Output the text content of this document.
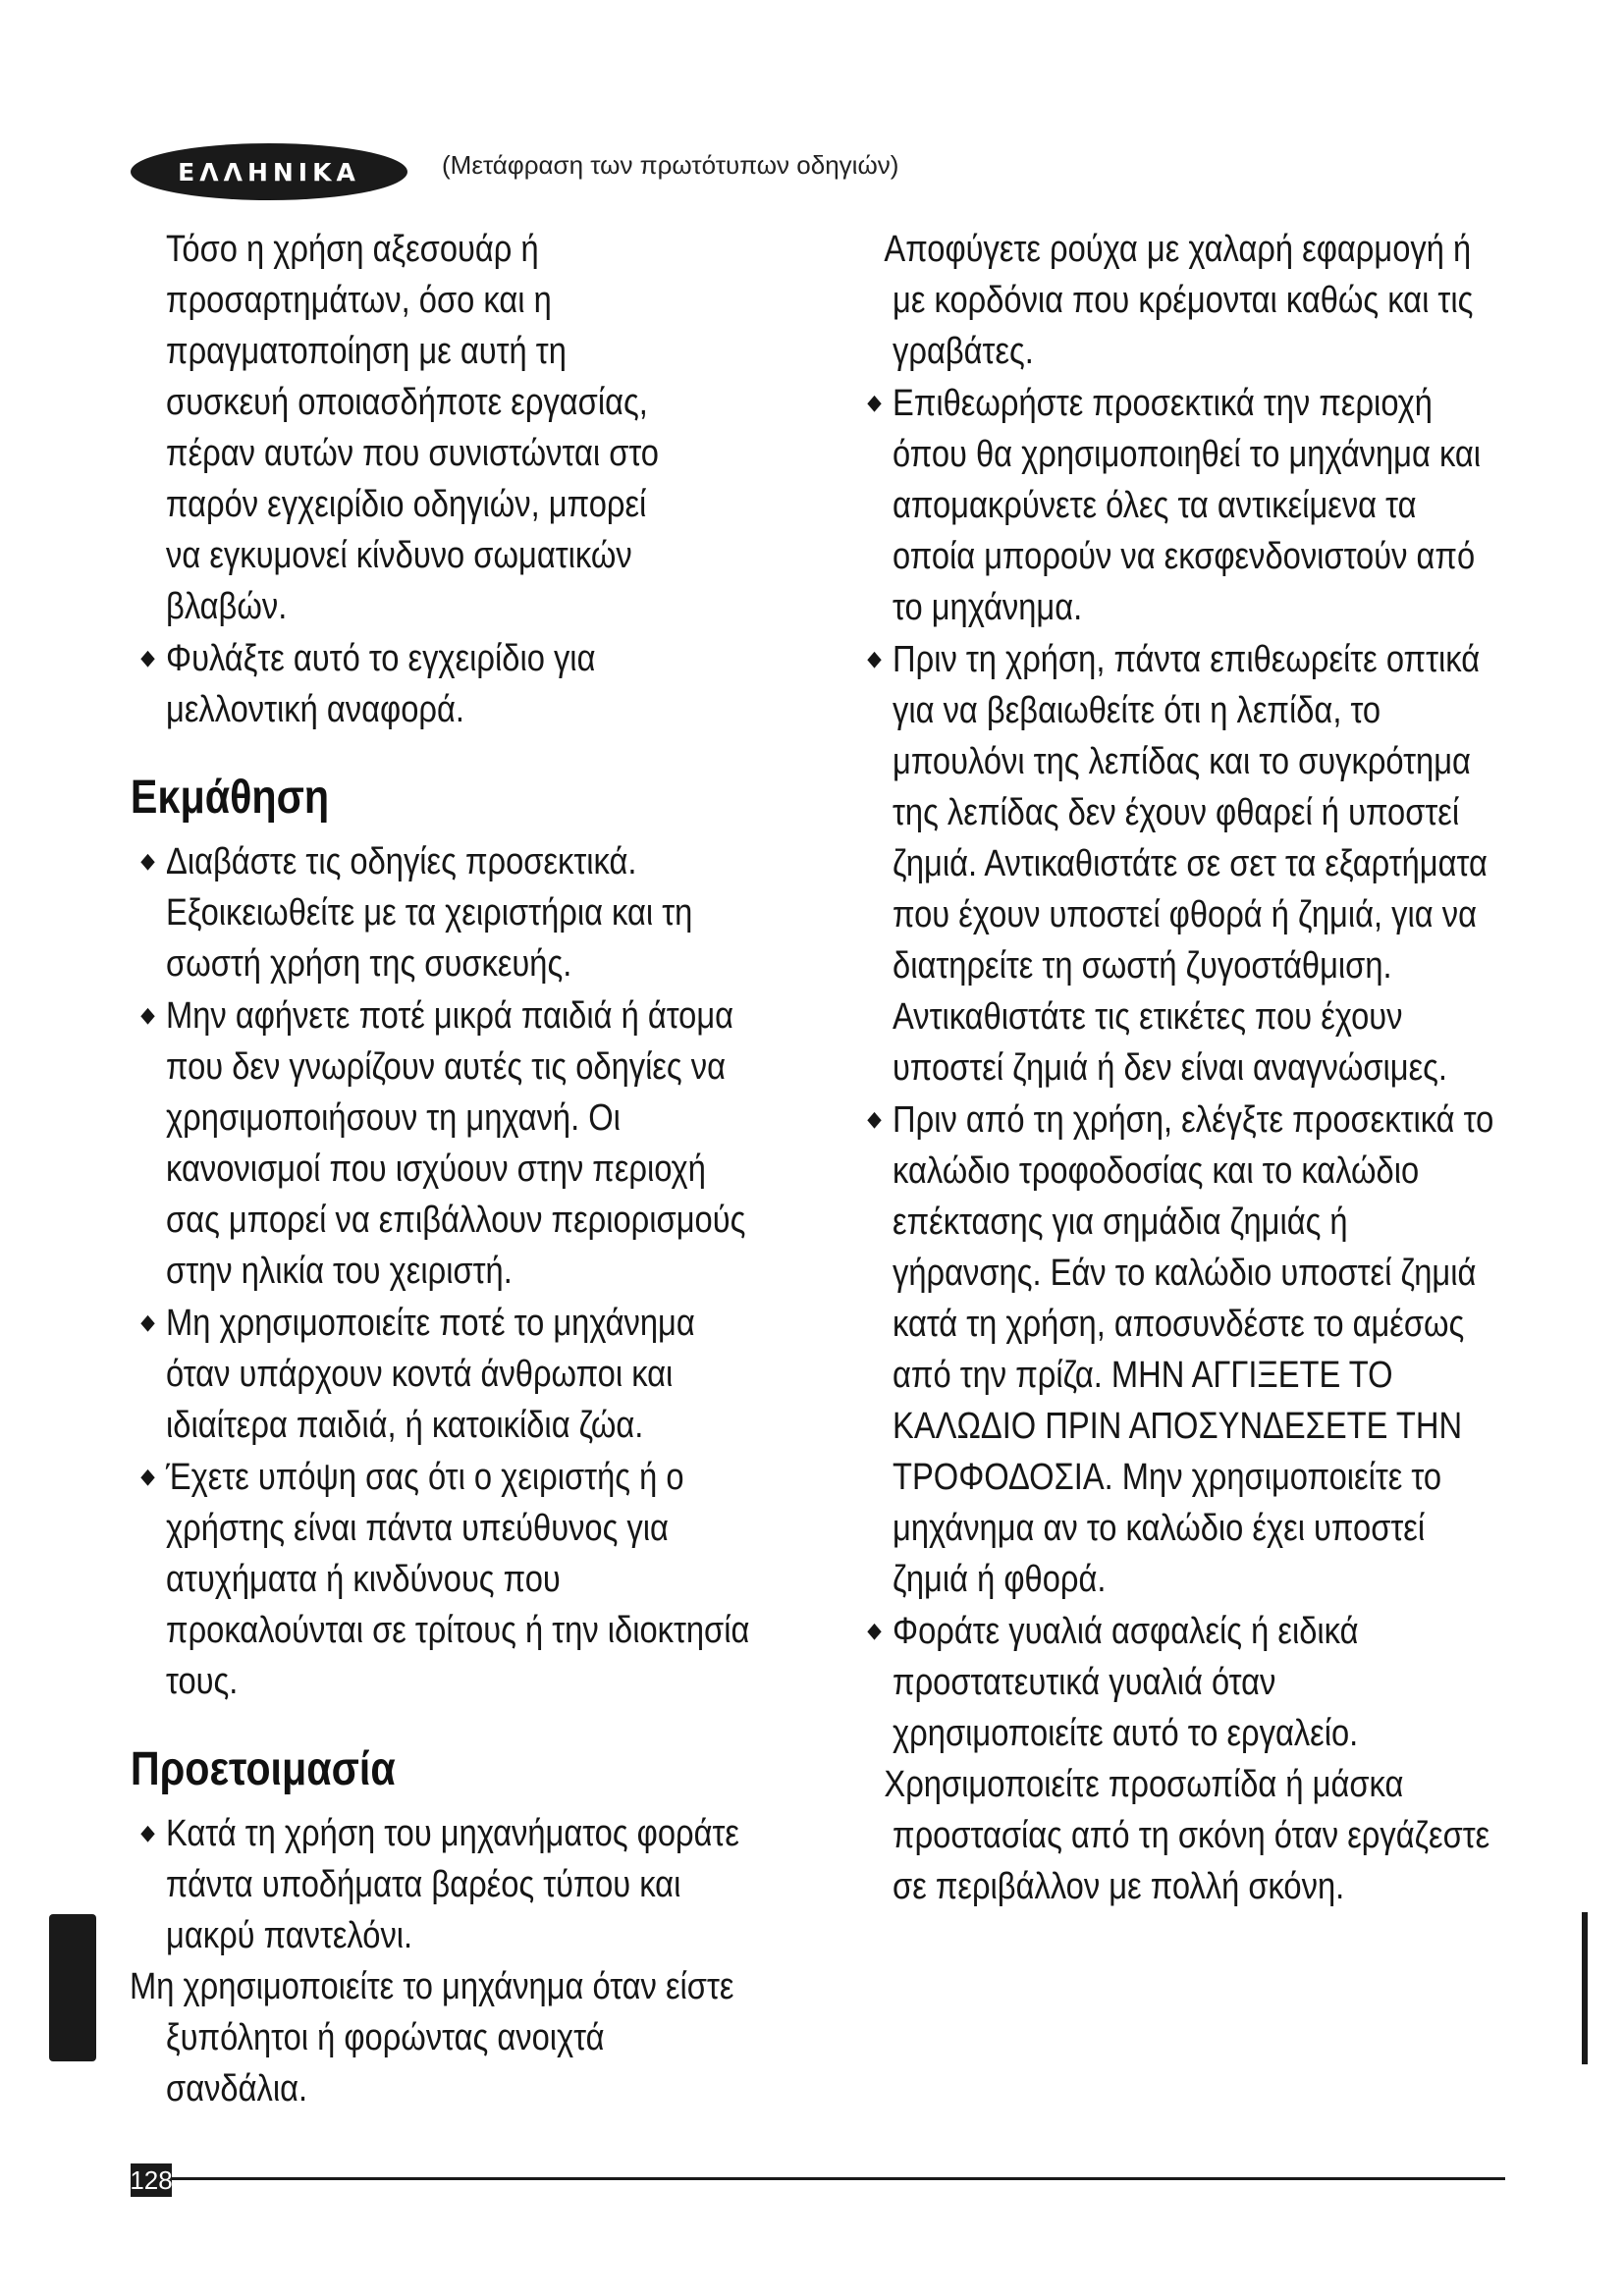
ΕΛΛΗΝΙΚΑ	(Μετάφραση των πρωτότυπων οδηγιών)

Τόσο η χρήση αξεσουάρ ή

προσαρτημάτων, όσο και η

πραγματοποίηση με αυτή τη

συσκευή οποιασδήποτε εργασίας,

πέραν αυτών που συνιστώνται στο

παρόν εγχειρίδιο οδηγιών, μπορεί

να εγκυμονεί κίνδυνο σωματικών

βλαβών.

◆ Φυλάξτε αυτό το εγχειρίδιο για μελλοντική αναφορά.

Εκμάθηση

◆ Διαβάστε τις οδηγίες προσεκτικά. Εξοικειωθείτε με τα χειριστήρια και τη σωστή χρήση της συσκευής.

◆ Μην αφήνετε ποτέ μικρά παιδιά ή άτομα που δεν γνωρίζουν αυτές τις οδηγίες να χρησιμοποιήσουν τη μηχανή. Οι κανονισμοί που ισχύουν στην περιοχή σας μπορεί να επιβάλλουν περιορισμούς στην ηλικία του χειριστή.

◆ Μη χρησιμοποιείτε ποτέ το μηχάνημα όταν υπάρχουν κοντά άνθρωποι και ιδιαίτερα παιδιά, ή κατοικίδια ζώα.

◆ Έχετε υπόψη σας ότι ο χειριστής ή ο χρήστης είναι πάντα υπεύθυνος για ατυχήματα ή κινδύνους που προκαλούνται σε τρίτους ή την ιδιοκτησία τους.

Προετοιμασία

◆ Κατά τη χρήση του μηχανήματος φοράτε πάντα υποδήματα βαρέος τύπου και μακρύ παντελόνι.

Μη χρησιμοποιείτε το μηχάνημα όταν είστε ξυπόλητοι ή φορώντας ανοιχτά σανδάλια.

Αποφύγετε ρούχα με χαλαρή εφαρμογή ή με κορδόνια που κρέμονται καθώς και τις γραβάτες.

◆ Επιθεωρήστε προσεκτικά την περιοχή όπου θα χρησιμοποιηθεί το μηχάνημα και απομακρύνετε όλες τα αντικείμενα τα οποία μπορούν να εκσφενδονιστούν από το μηχάνημα.

◆ Πριν τη χρήση, πάντα επιθεωρείτε οπτικά για να βεβαιωθείτε ότι η λεπίδα, το μπουλόνι της λεπίδας και το συγκρότημα της λεπίδας δεν έχουν φθαρεί ή υποστεί ζημιά. Αντικαθιστάτε σε σετ τα εξαρτήματα που έχουν υποστεί φθορά ή ζημιά, για να διατηρείτε τη σωστή ζυγοστάθμιση. Αντικαθιστάτε τις ετικέτες που έχουν υποστεί ζημιά ή δεν είναι αναγνώσιμες.

◆ Πριν από τη χρήση, ελέγξτε προσεκτικά το καλώδιο τροφοδοσίας και το καλώδιο επέκτασης για σημάδια ζημιάς ή γήρανσης. Εάν το καλώδιο υποστεί ζημιά κατά τη χρήση, αποσυνδέστε το αμέσως από την πρίζα. ΜΗΝ ΑΓΓΙΞΕΤΕ ΤΟ ΚΑΛΩΔΙΟ ΠΡΙΝ ΑΠΟΣΥΝΔΕΣΕΤΕ ΤΗΝ ΤΡΟΦΟΔΟΣΙΑ. Μην χρησιμοποιείτε το μηχάνημα αν το καλώδιο έχει υποστεί ζημιά ή φθορά.

◆ Φοράτε γυαλιά ασφαλείς ή ειδικά προστατευτικά γυαλιά όταν χρησιμοποιείτε αυτό το εργαλείο.

Χρησιμοποιείτε προσωπίδα ή μάσκα προστασίας από τη σκόνη όταν εργάζεστε σε περιβάλλον με πολλή σκόνη.

128
